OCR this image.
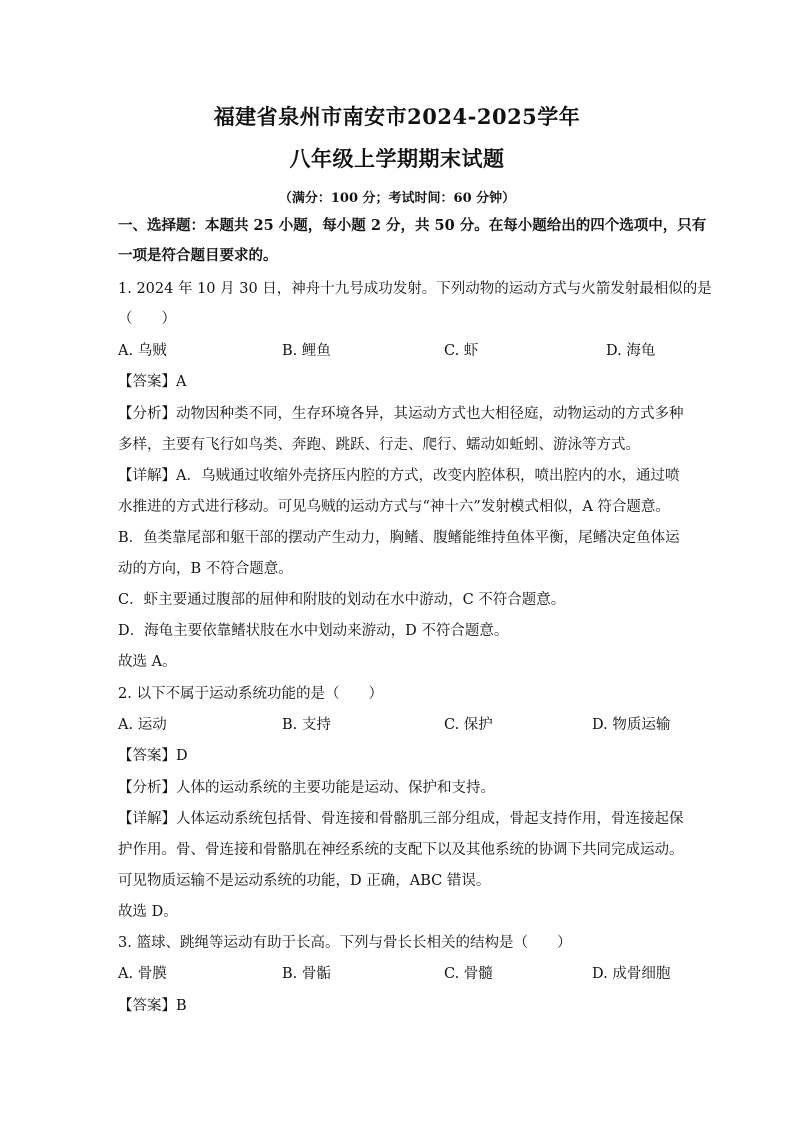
福建省泉州市南安市2024-2025学年
八年级上学期期末试题
（满分：100 分；考试时间：60 分钟）
一、选择题：本题共 25 小题，每小题 2 分，共 50 分。在每小题给出的四个选项中，只有
一项是符合题目要求的。
1. 2024 年 10 月 30 日，神舟十九号成功发射。下列动物的运动方式与火箭发射最相似的是
（　　）
A. 乌贼	B. 鲤鱼	C. 虾	D. 海龟
【答案】A
【分析】动物因种类不同，生存环境各异，其运动方式也大相径庭，动物运动的方式多种
多样，主要有飞行如鸟类、奔跑、跳跃、行走、爬行、蠕动如蚯蚓、游泳等方式。
【详解】A．乌贼通过收缩外壳挤压内腔的方式，改变内腔体积，喷出腔内的水，通过喷
水推进的方式进行移动。可见乌贼的运动方式与“神十六”发射模式相似，A 符合题意。
B．鱼类靠尾部和躯干部的摆动产生动力，胸鳍、腹鳍能维持鱼体平衡，尾鳍决定鱼体运
动的方向，B 不符合题意。
C．虾主要通过腹部的屈伸和附肢的划动在水中游动，C 不符合题意。
D．海龟主要依靠鳍状肢在水中划动来游动，D 不符合题意。
故选 A。
2. 以下不属于运动系统功能的是（　　）
A. 运动	B. 支持	C. 保护	D. 物质运输
【答案】D
【分析】人体的运动系统的主要功能是运动、保护和支持。
【详解】人体运动系统包括骨、骨连接和骨骼肌三部分组成，骨起支持作用，骨连接起保
护作用。骨、骨连接和骨骼肌在神经系统的支配下以及其他系统的协调下共同完成运动。
可见物质运输不是运动系统的功能，D 正确，ABC 错误。
故选 D。
3. 篮球、跳绳等运动有助于长高。下列与骨长长相关的结构是（　　）
A. 骨膜	B. 骨骺	C. 骨髓	D. 成骨细胞
【答案】B
